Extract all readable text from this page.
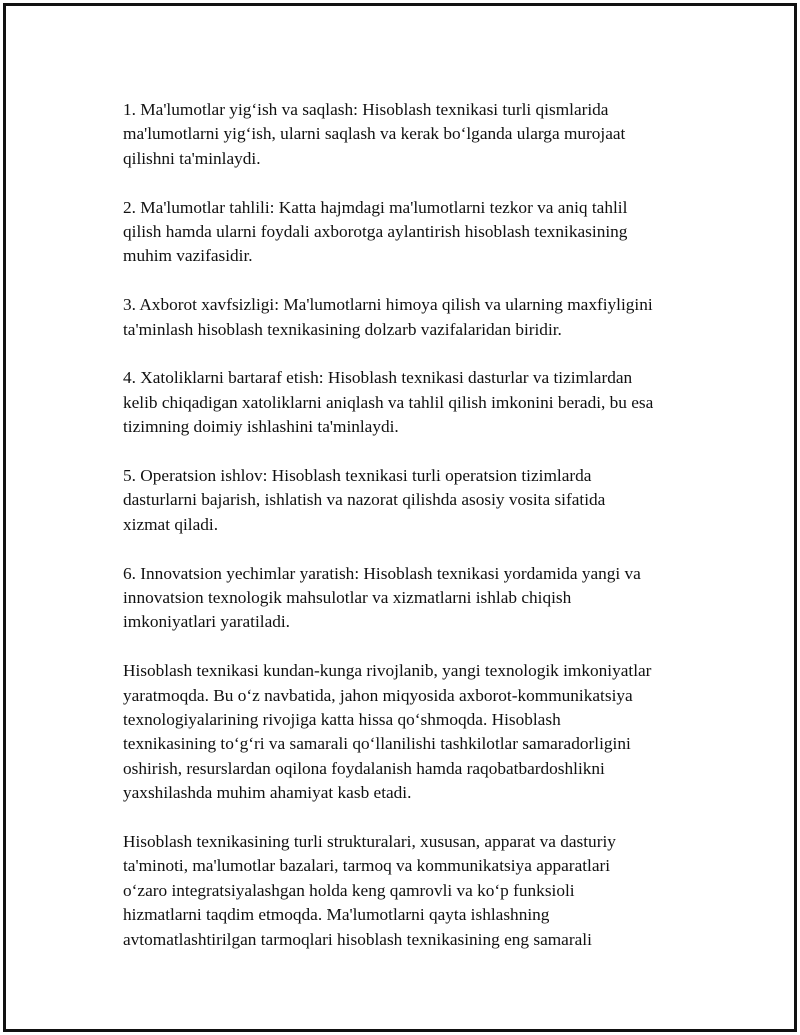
1. Ma'lumotlar yig‘ish va saqlash: Hisoblash texnikasi turli qismlarida
ma'lumotlarni yig‘ish, ularni saqlash va kerak bo‘lganda ularga murojaat
qilishni ta'minlaydi.

2. Ma'lumotlar tahlili: Katta hajmdagi ma'lumotlarni tezkor va aniq tahlil
qilish hamda ularni foydali axborotga aylantirish hisoblash texnikasining
muhim vazifasidir.

3. Axborot xavfsizligi: Ma'lumotlarni himoya qilish va ularning maxfiyligini
ta'minlash hisoblash texnikasining dolzarb vazifalaridan biridir.

4. Xatoliklarni bartaraf etish: Hisoblash texnikasi dasturlar va tizimlardan
kelib chiqadigan xatoliklarni aniqlash va tahlil qilish imkonini beradi, bu esa
tizimning doimiy ishlashini ta'minlaydi.

5. Operatsion ishlov: Hisoblash texnikasi turli operatsion tizimlarda
dasturlarni bajarish, ishlatish va nazorat qilishda asosiy vosita sifatida
xizmat qiladi.

6. Innovatsion yechimlar yaratish: Hisoblash texnikasi yordamida yangi va
innovatsion texnologik mahsulotlar va xizmatlarni ishlab chiqish
imkoniyatlari yaratiladi.

Hisoblash texnikasi kundan-kunga rivojlanib, yangi texnologik imkoniyatlar
yaratmoqda. Bu o‘z navbatida, jahon miqyosida axborot-kommunikatsiya
texnologiyalarining rivojiga katta hissa qo‘shmoqda. Hisoblash
texnikasining to‘g‘ri va samarali qo‘llanilishi tashkilotlar samaradorligini
oshirish, resurslardan oqilona foydalanish hamda raqobatbardoshlikni
yaxshilashda muhim ahamiyat kasb etadi.

Hisoblash texnikasining turli strukturalari, xususan, apparat va dasturiy
ta'minoti, ma'lumotlar bazalari, tarmoq va kommunikatsiya apparatlari
o‘zaro integratsiyalashgan holda keng qamrovli va ko‘p funksioli
hizmatlarni taqdim etmoqda. Ma'lumotlarni qayta ishlashning
avtomatlashtirilgan tarmoqlari hisoblash texnikasining eng samarali
